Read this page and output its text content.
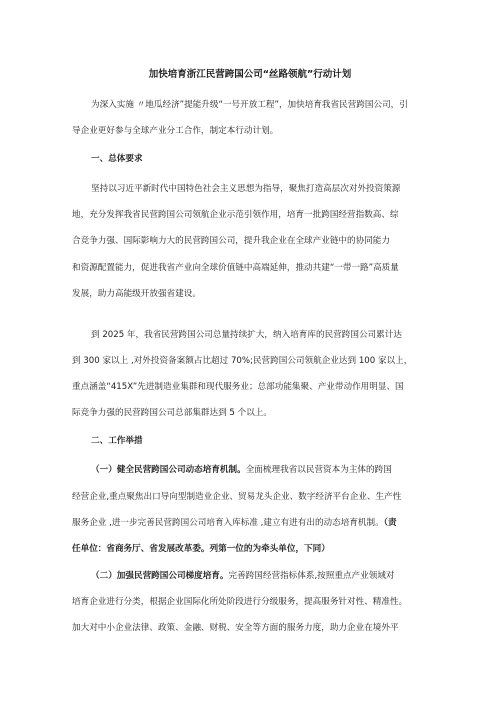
加快培育浙江民营跨国公司“丝路领航”行动计划
为深入实施 〃地瓜经济”提能升级“一号开放工程”，加快培育我省民营跨国公司，引
导企业更好参与全球产业分工合作，制定本行动计划。
一、总体要求
坚持以习近平新时代中国特色社会主义思想为指导，聚焦打造高层次对外投资策源
地，充分发挥我省民营跨国公司领航企业示范引领作用，培育一批跨国经营指数高、综
合竞争力强、国际影响力大的民营跨国公司，提升我企业在全球产业链中的协同能力
和资源配置能力，促进我省产业向全球价值链中高端延伸，推动共建“一带一路”高质量
发展，助力高能级开放强省建设。
到 2025 年，我省民营跨国公司总量持续扩大，纳入培育库的民营跨国公司累计达
到 300 家以上 ,对外投资备案额占比超过 70%;民营跨国公司领航企业达到 100 家以上，
重点涵盖“415X”先进制造业集群和现代服务业；总部功能集聚、产业带动作用明显、国
际竞争力强的民营跨国公司总部集群达到 5 个以上。
二、工作举措
（一）健全民营跨国公司动态培育机制。全面梳理我省以民营资本为主体的跨国
经营企业,重点聚焦出口导向型制造业企业、贸易龙头企业、数字经济平台企业、生产性
服务企业 ,进一步完善民营跨国公司培育入库标准 ,建立有进有出的动态培育机制。（责
任单位：省商务厅、省发展改革委。列第一位的为牵头单位，下同）
（二）加强民营跨国公司梯度培育。完善跨国经营指标体系,按照重点产业领域对
培育企业进行分类，根据企业国际化所处阶段进行分级服务，提高服务针对性、精准性。
加大对中小企业法律、政策、金融、财税、安全等方面的服务力度，助力企业在境外平
